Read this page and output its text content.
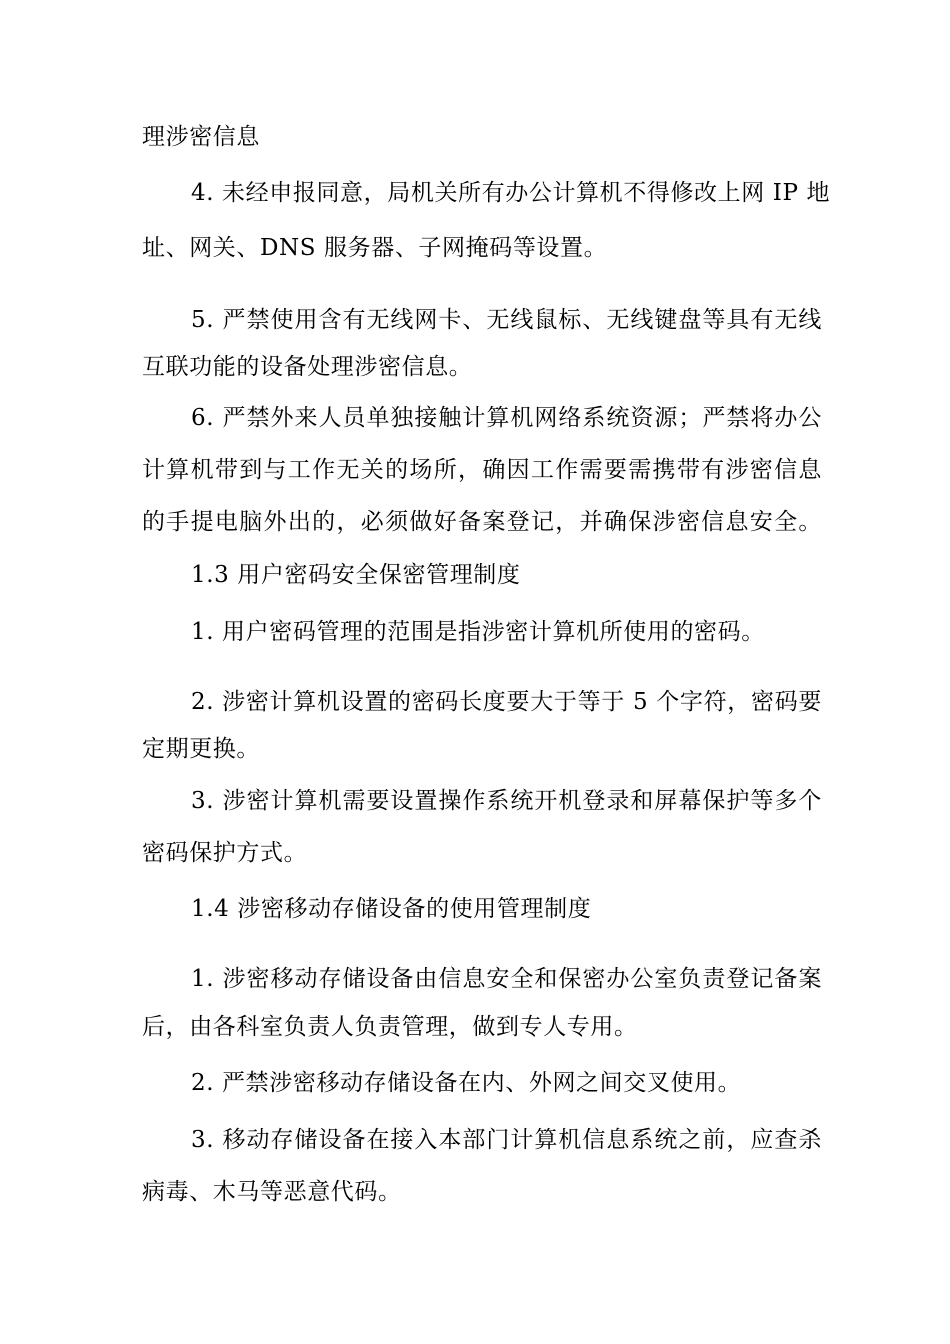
理涉密信息
4. 未经申报同意，局机关所有办公计算机不得修改上网 IP 地
址、网关、DNS 服务器、子网掩码等设置。
5. 严禁使用含有无线网卡、无线鼠标、无线键盘等具有无线
互联功能的设备处理涉密信息。
6. 严禁外来人员单独接触计算机网络系统资源；严禁将办公
计算机带到与工作无关的场所，确因工作需要需携带有涉密信息
的手提电脑外出的，必须做好备案登记，并确保涉密信息安全。
1.3 用户密码安全保密管理制度
1. 用户密码管理的范围是指涉密计算机所使用的密码。
2. 涉密计算机设置的密码长度要大于等于 5 个字符，密码要
定期更换。
3. 涉密计算机需要设置操作系统开机登录和屏幕保护等多个
密码保护方式。
1.4 涉密移动存储设备的使用管理制度
1. 涉密移动存储设备由信息安全和保密办公室负责登记备案
后，由各科室负责人负责管理，做到专人专用。
2. 严禁涉密移动存储设备在内、外网之间交叉使用。
3. 移动存储设备在接入本部门计算机信息系统之前，应查杀
病毒、木马等恶意代码。
